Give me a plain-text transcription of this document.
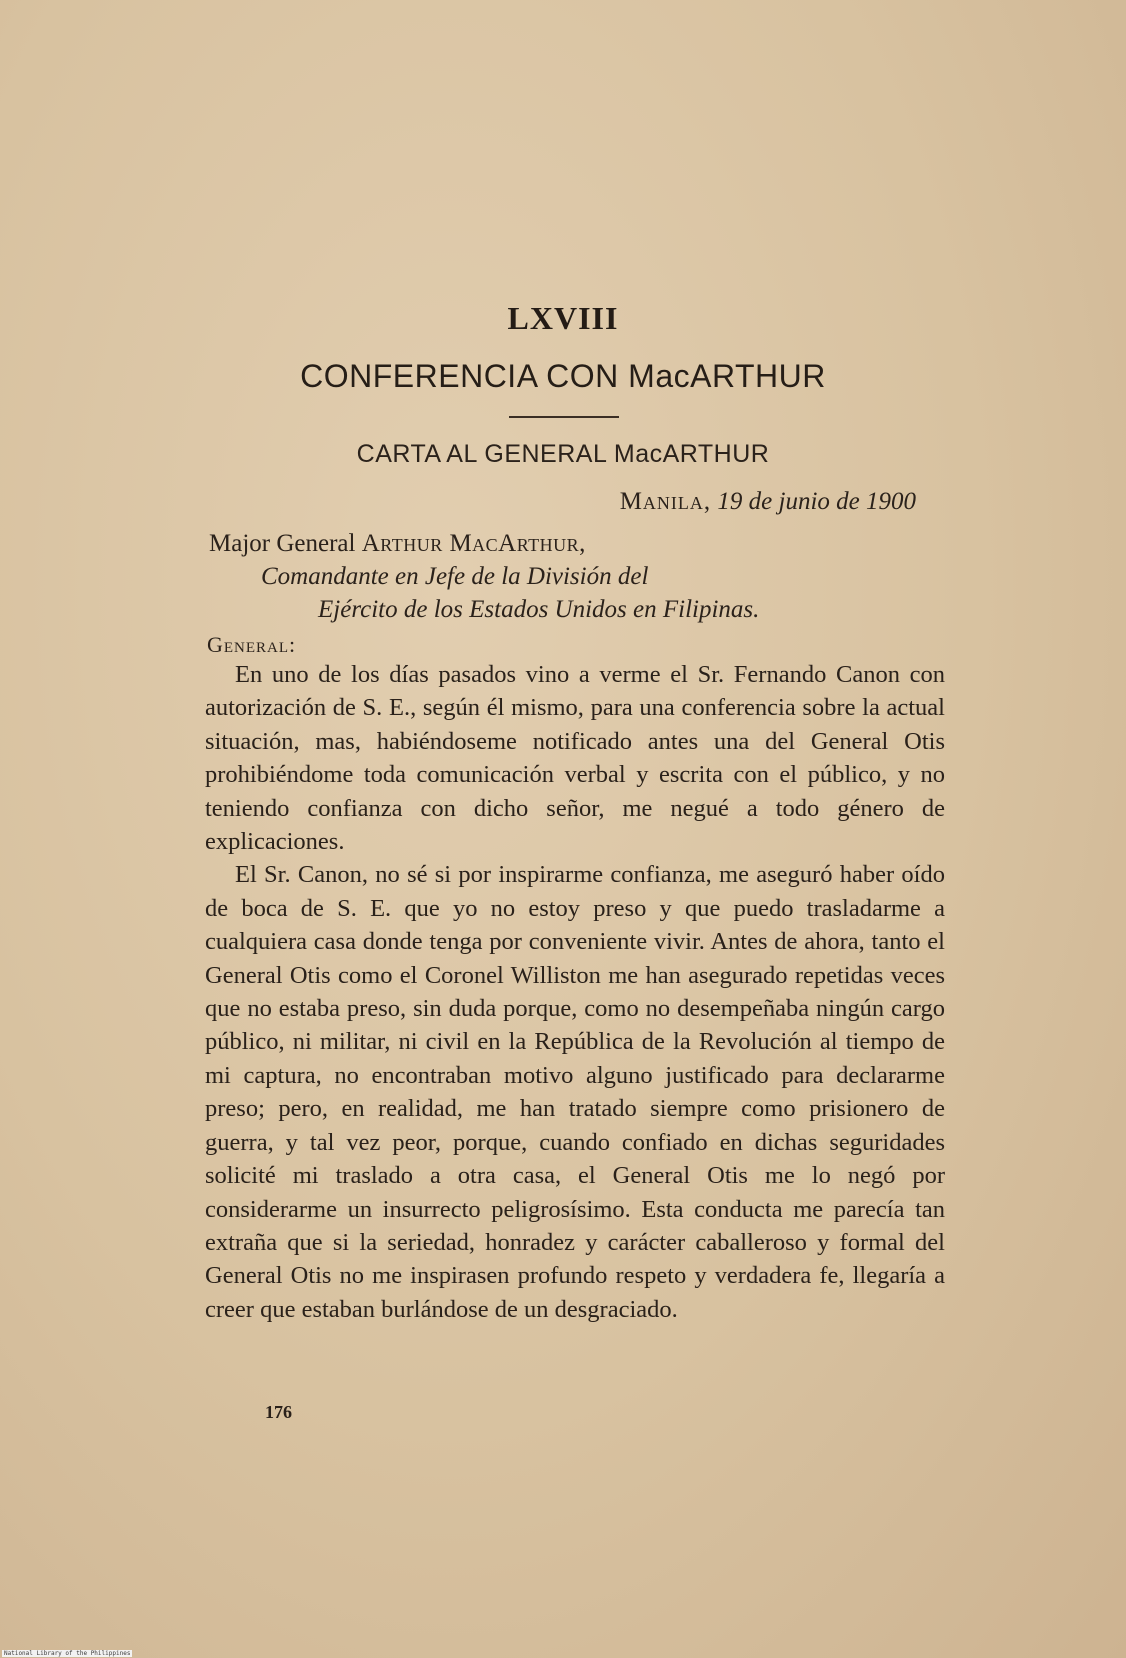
LXVIII
CONFERENCIA CON MacARTHUR
CARTA AL GENERAL MacARTHUR
Manila, 19 de junio de 1900
Major General Arthur MacArthur,
Comandante en Jefe de la División del
Ejército de los Estados Unidos en Filipinas.
General:

En uno de los días pasados vino a verme el Sr. Fernando Canon con autorización de S. E., según él mismo, para una conferencia sobre la actual situación, mas, habiéndoseme notificado antes una del General Otis prohibiéndome toda comunicación verbal y escrita con el público, y no teniendo confianza con dicho señor, me negué a todo género de explicaciones.

El Sr. Canon, no sé si por inspirarme confianza, me aseguró haber oído de boca de S. E. que yo no estoy preso y que puedo trasladarme a cualquiera casa donde tenga por conveniente vivir. Antes de ahora, tanto el General Otis como el Coronel Williston me han asegurado repetidas veces que no estaba preso, sin duda porque, como no desempeñaba ningún cargo público, ni militar, ni civil en la República de la Revolución al tiempo de mi captura, no encontraban motivo alguno justificado para declararme preso; pero, en realidad, me han tratado siempre como prisionero de guerra, y tal vez peor, porque, cuando confiado en dichas seguridades solicité mi traslado a otra casa, el General Otis me lo negó por considerarme un insurrecto peligrosísimo. Esta conducta me parecía tan extraña que si la seriedad, honradez y carácter caballeroso y formal del General Otis no me inspirasen profundo respeto y verdadera fe, llegaría a creer que estaban burlándose de un desgraciado.

176
National Library of the Philippines
